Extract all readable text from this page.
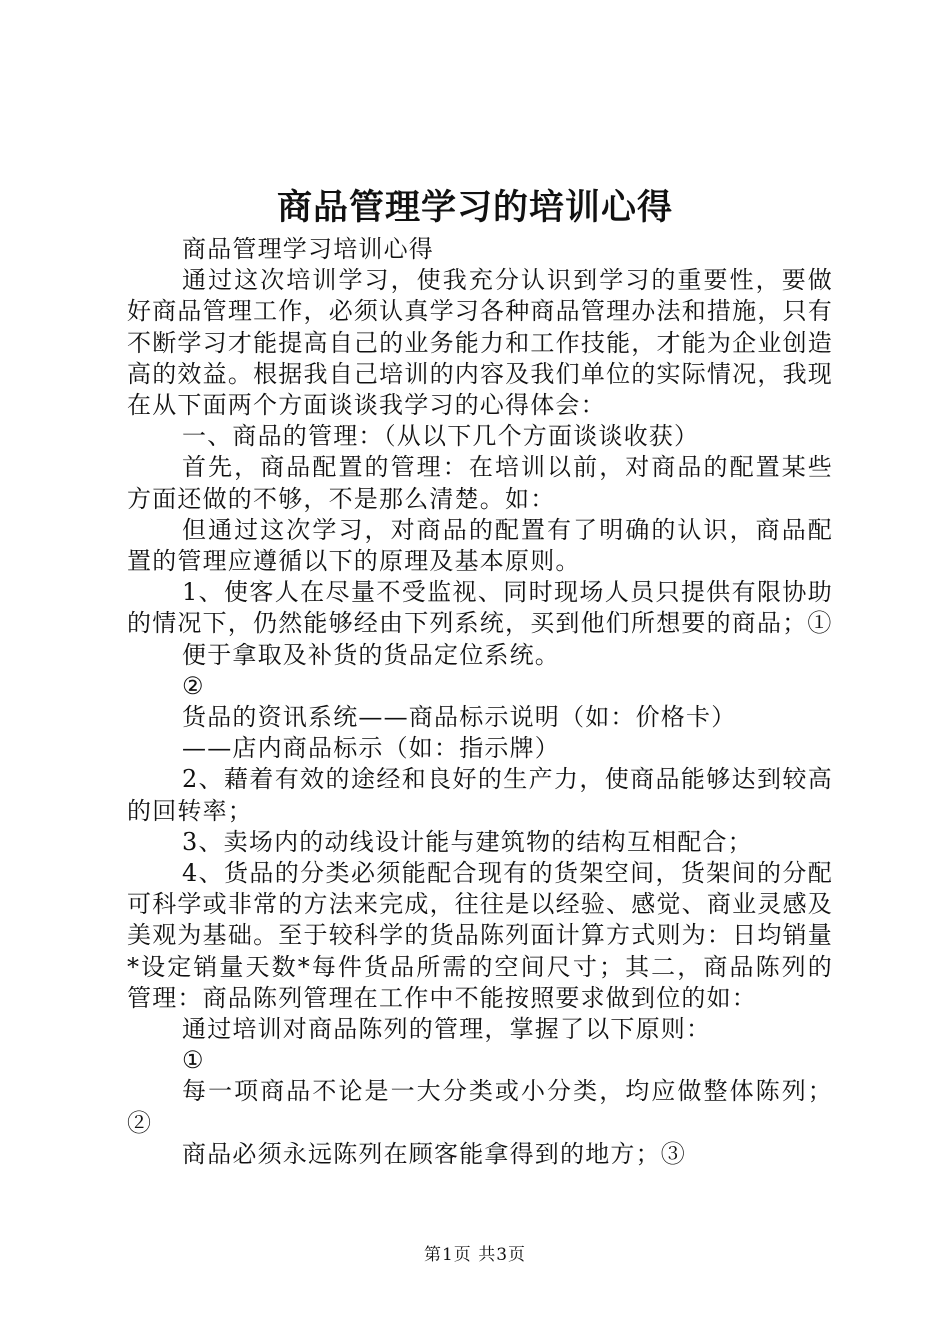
商品管理学习的培训心得

商品管理学习培训心得

通过这次培训学习，使我充分认识到学习的重要性，要做好商品管理工作，必须认真学习各种商品管理办法和措施，只有不断学习才能提高自己的业务能力和工作技能，才能为企业创造高的效益。根据我自己培训的内容及我们单位的实际情况，我现在从下面两个方面谈谈我学习的心得体会：

一、商品的管理：（从以下几个方面谈谈收获）

首先，商品配置的管理：在培训以前，对商品的配置某些方面还做的不够，不是那么清楚。如：

但通过这次学习，对商品的配置有了明确的认识，商品配置的管理应遵循以下的原理及基本原则。

1、使客人在尽量不受监视、同时现场人员只提供有限协助的情况下，仍然能够经由下列系统，买到他们所想要的商品；①

便于拿取及补货的货品定位系统。

②

货品的资讯系统——商品标示说明（如：价格卡）

——店内商品标示（如：指示牌）

2、藉着有效的途经和良好的生产力，使商品能够达到较高的回转率；

3、卖场内的动线设计能与建筑物的结构互相配合；

4、货品的分类必须能配合现有的货架空间，货架间的分配可科学或非常的方法来完成，往往是以经验、感觉、商业灵感及美观为基础。至于较科学的货品陈列面计算方式则为：日均销量*设定销量天数*每件货品所需的空间尺寸；其二，商品陈列的管理：商品陈列管理在工作中不能按照要求做到位的如：

通过培训对商品陈列的管理，掌握了以下原则：

①

每一项商品不论是一大分类或小分类，均应做整体陈列；②

商品必须永远陈列在顾客能拿得到的地方；③

第1页 共3页
